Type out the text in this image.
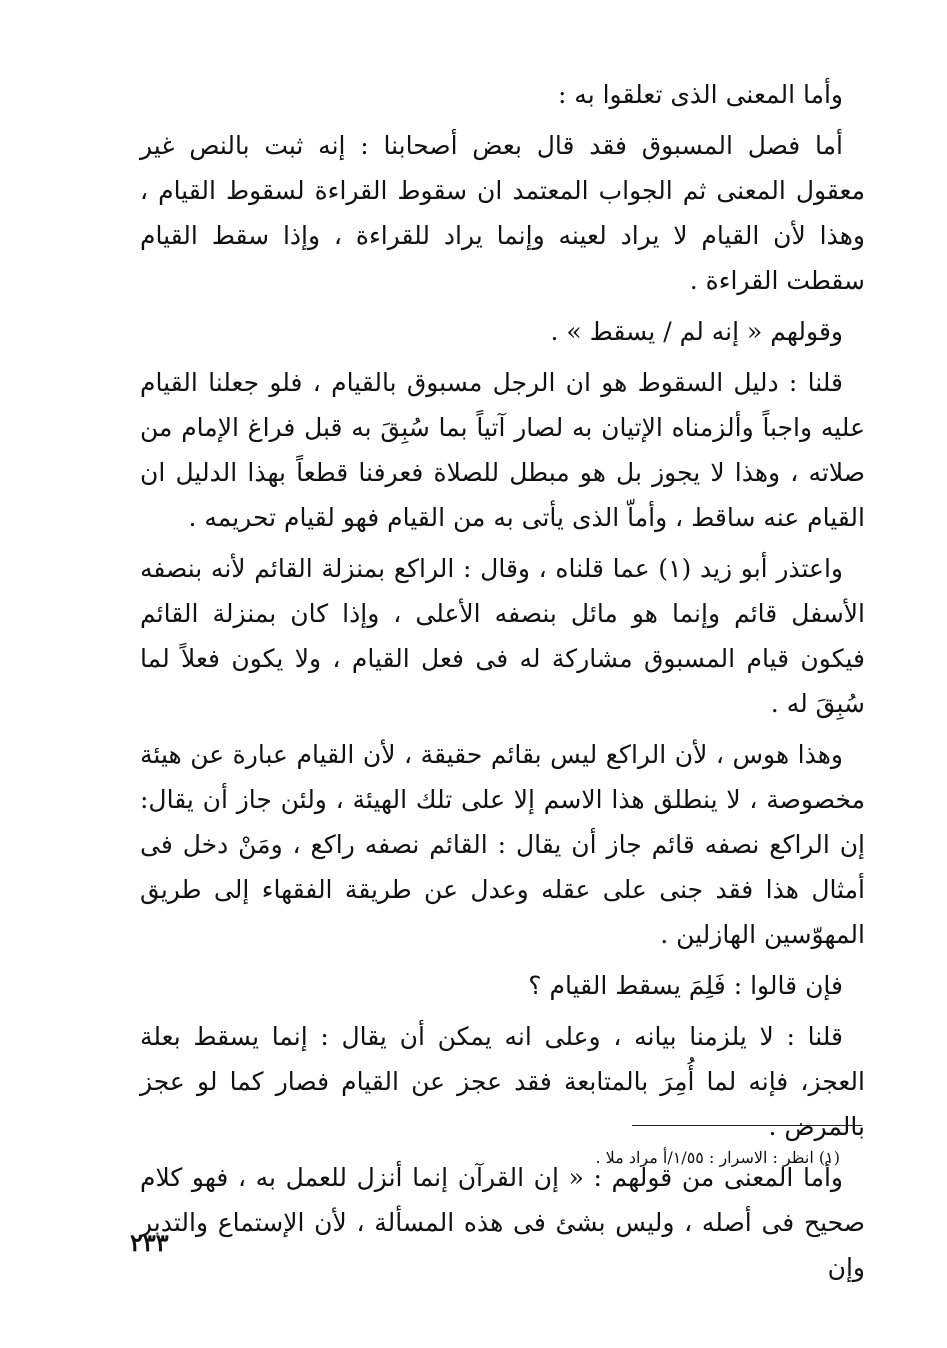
وأما المعنى الذى تعلقوا به :

أما فصل المسبوق فقد قال بعض أصحابنا : إنه ثبت بالنص غير معقول المعنى ثم الجواب المعتمد ان سقوط القراءة لسقوط القيام ، وهذا لأن القيام لا يراد لعينه وإنما يراد للقراءة ، وإذا سقط القيام سقطت القراءة .

وقولهم « إنه لم / يسقط » .

قلنا : دليل السقوط هو ان الرجل مسبوق بالقيام ، فلو جعلنا القيام عليه واجباً وألزمناه الإتيان به لصار آتياً بما سُبِقَ به قبل فراغ الإمام من صلاته ، وهذا لا يجوز بل هو مبطل للصلاة فعرفنا قطعاً بهذا الدليل ان القيام عنه ساقط ، وأماّ الذى يأتى به من القيام فهو لقيام تحريمه .

واعتذر أبو زيد (١) عما قلناه ، وقال : الراكع بمنزلة القائم لأنه بنصفه الأسفل قائم وإنما هو مائل بنصفه الأعلى ، وإذا كان بمنزلة القائم فيكون قيام المسبوق مشاركة له فى فعل القيام ، ولا يكون فعلاً لما سُبِقَ له .

وهذا هوس ، لأن الراكع ليس بقائم حقيقة ، لأن القيام عبارة عن هيئة مخصوصة ، لا ينطلق هذا الاسم إلا على تلك الهيئة ، ولئن جاز أن يقال: إن الراكع نصفه قائم جاز أن يقال : القائم نصفه راكع ، ومَنْ دخل فى أمثال هذا فقد جنى على عقله وعدل عن طريقة الفقهاء إلى طريق المهوّسين الهازلين .

فإن قالوا : فَلِمَ يسقط القيام ؟

قلنا : لا يلزمنا بيانه ، وعلى انه يمكن أن يقال : إنما يسقط بعلة العجز، فإنه لما أُمِرَ بالمتابعة فقد عجز عن القيام فصار كما لو عجز بالمرض .

وأما المعنى من قولهم : « إن القرآن إنما أنزل للعمل به ، فهو كلام صحيح فى أصله ، وليس بشئ فى هذه المسألة ، لأن الإستماع والتدبر وإن

(١) انظر : الاسرار : ١/٥٥/أ مراد ملا .
٢٣٣
